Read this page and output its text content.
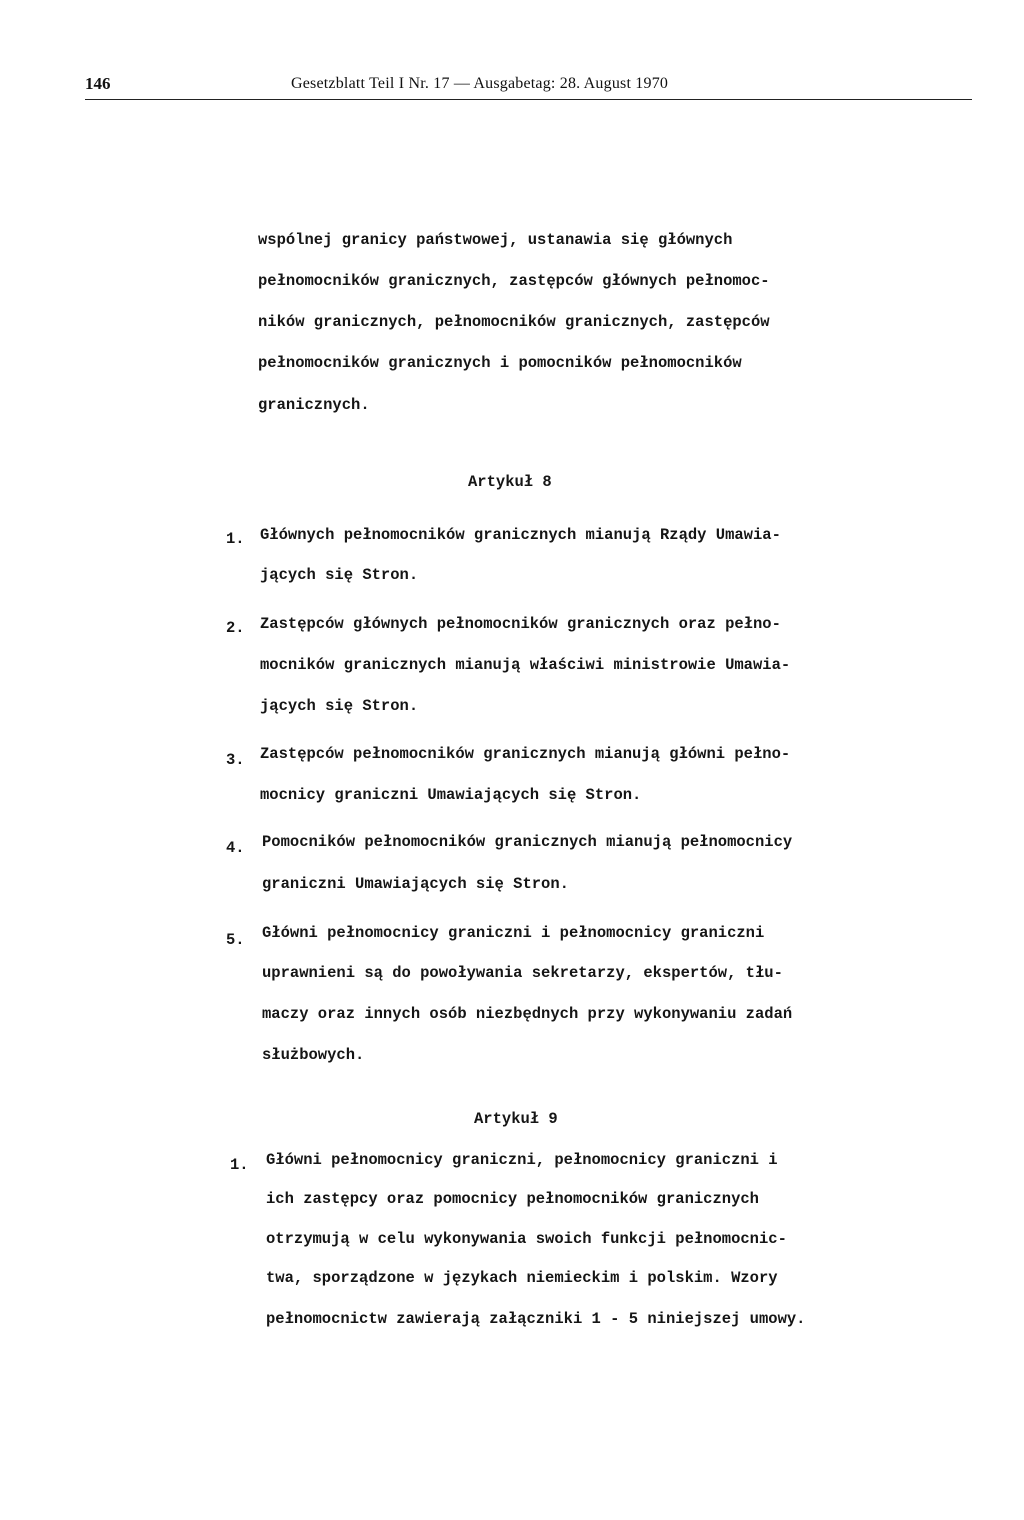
146	Gesetzblatt Teil I Nr. 17 — Ausgabetag: 28. August 1970
wspólnej granicy państwowej, ustanawia się głównych
pełnomocników granicznych, zastępców głównych pełnomoc-
ników granicznych, pełnomocników granicznych, zastępców
pełnomocników granicznych i pomocników pełnomocników
granicznych.
Artykuł 8
1. Głównych pełnomocników granicznych mianują Rządy Umawia-
jących się Stron.
2. Zastępców głównych pełnomocników granicznych oraz pełno-
mocników granicznych mianują właściwi ministrowie Umawia-
jących się Stron.
3. Zastępców pełnomocników granicznych mianują główni pełno-
mocnicy graniczni Umawiających się Stron.
4. Pomocników pełnomocników granicznych mianują pełnomocnicy
graniczni Umawiających się Stron.
5. Główni pełnomocnicy graniczni i pełnomocnicy graniczni
uprawnieni są do powoływania sekretarzy, ekspertów, tłu-
maczy oraz innych osób niezbędnych przy wykonywaniu zadań
służbowych.
Artykuł 9
1. Główni pełnomocnicy graniczni, pełnomocnicy graniczni i
ich zastępcy oraz pomocnicy pełnomocników granicznych
otrzymują w celu wykonywania swoich funkcji pełnomocnic-
twa, sporządzone w językach niemieckim i polskim. Wzory
pełnomocnictw zawierają załączniki 1 - 5 niniejszej umowy.
